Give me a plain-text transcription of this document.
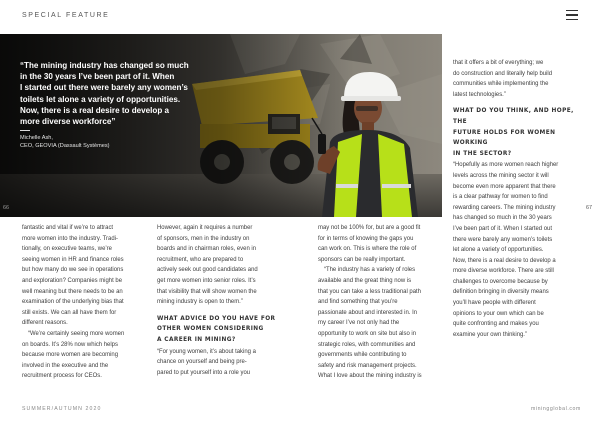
SPECIAL FEATURE
“The mining industry has changed so much
in the 30 years I’ve been part of it. When
I started out there were barely any women’s
toilets let alone a variety of opportunities.
Now, there is a real desire to develop a
more diverse workforce”
Michelle Ash,
CEO, GEOVIA (Dassault Systèmes)
66	67

fantastic and vital if we’re to attract

more women into the industry. Tradi-

tionally, on executive teams, we’re

seeing women in HR and finance roles

but how many do we see in operations

and exploration? Companies might be

well meaning but there needs to be an

examination of the underlying bias that

still exists. We can all have them for

different reasons.

“We’re certainly seeing more women

on boards. It’s 28% now which helps

because more women are becoming

involved in the executive and the

recruitment process for CEOs.

However, again it requires a number

of sponsors, men in the industry on

boards and in chairman roles, even in

recruitment, who are prepared to

actively seek out good candidates and

get more women into senior roles. It’s

that visibility that will show women the

mining industry is open to them.”

WHAT ADVICE DO YOU HAVE FOR
OTHER WOMEN CONSIDERING
A CAREER IN MINING?

“For young women, it’s about taking a

chance on yourself and being pre-

pared to put yourself into a role you

may not be 100% for, but are a good fit

for in terms of knowing the gaps you

can work on. This is where the role of

sponsors can be really important.

“The industry has a variety of roles

available and the great thing now is

that you can take a less traditional path

and find something that you’re

passionate about and interested in. In

my career I’ve not only had the

opportunity to work on site but also in

strategic roles, with communities and

governments while contributing to

safety and risk management projects.

What I love about the mining industry is

that it offers a bit of everything; we

do construction and literally help build

communities while implementing the

latest technologies.”

WHAT DO YOU THINK, AND HOPE, THE
FUTURE HOLDS FOR WOMEN WORKING
IN THE SECTOR?

“Hopefully as more women reach higher

levels across the mining sector it will

become even more apparent that there

is a clear pathway for women to find

rewarding careers. The mining industry

has changed so much in the 30 years

I’ve been part of it. When I started out

there were barely any women’s toilets

let alone a variety of opportunities.

Now, there is a real desire to develop a

more diverse workforce. There are still

challenges to overcome because by

definition bringing in diversity means

you’ll have people with different

opinions to your own which can be

quite confronting and makes you

examine your own thinking.”

SUMMER/AUTUMN 2020	miningglobal.com
